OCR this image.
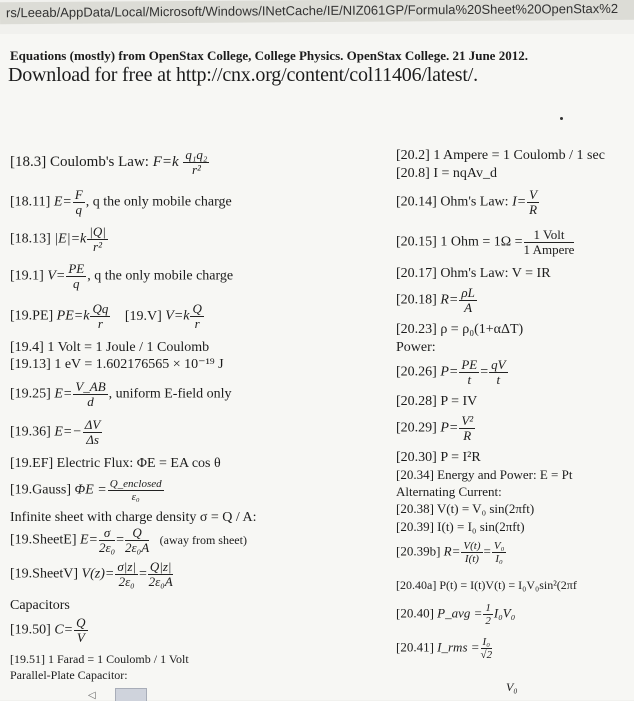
rs/Leeab/AppData/Local/Microsoft/Windows/INetCache/IE/NIZ061GP/Formula%20Sheet%20OpenStax%2
Equations (mostly) from OpenStax College, College Physics. OpenStax College. 21 June 2012.
Download for free at http://cnx.org/content/col11406/latest/.
[18.3] Coulomb's Law: $F=k \frac{\text{q₁q₂}}{\text{r²}}$
[18.11] $E= \frac{F}{q}$ , q the only mobile charge
[18.13] $|E|=k \frac{|Q|}{\text{r²}}$
[19.1] $V= \frac{PE}{q}$ , q the only mobile charge
[19.PE] $PE=k \frac{Qq}{r} [19.V]$ $V=k \frac{Q}{r}$
[19.4] 1 Volt = 1 Joule / 1 Coulomb
[19.13] 1 eV = 1.602176565 × 10⁻¹⁹ J
[19.25] $E= \frac{V\_AB}{d}$ , uniform E-field only
[19.36] $E=- \frac{\Delta V}{\Delta s}$
[19.EF] Electric Flux: ΦE = EA cos θ
[19.Gauss] $\Phi E = \frac{\text{Q\_enclosed}}{\text{ε₀}}$
Infinite sheet with charge density σ = Q / A:
[19.SheetE] $E= \frac{\sigma}{\text{2ε₀}} = \frac{Q}{\text{2ε₀A}}$ (away from sheet)
[19.SheetV] $V(z)= \frac{\sigma|z|}{\text{2ε₀}} = \frac{Q|z|}{\text{2ε₀A}}$
Capacitors
[19.50] $C= \frac{Q}{V}$
[19.51] 1 Farad = 1 Coulomb / 1 Volt
Parallel-Plate Capacitor:
[20.2] 1 Ampere = 1 Coulomb / 1 sec
[20.8] I = nqAv_d
[20.14] Ohm's Law: $I= \frac{V}{R}$
[20.15] 1 Ohm = $1\Omega = \frac{\text{1 Volt}}{\text{1 Ampere}}$
[20.17] Ohm's Law: V = IR
[20.18] $R= \frac{\rho L}{A}$
[20.23] ρ = ρ₀(1+αΔT)
Power:
[20.26] $P= \frac{PE}{t} = \frac{qV}{t}$
[20.28] P = IV
[20.29] $P= \frac{\text{V²}}{R}$
[20.30] P = I²R
[20.34] Energy and Power: E = Pt
Alternating Current:
[20.38] V(t) = V₀ sin(2πft)
[20.39] I(t) = I₀ sin(2πft)
[20.39b] $R= \frac{V(t)}{I(t)} = \frac{\text{V₀}}{\text{I₀}}$
[20.40a] P(t) = I(t)V(t) = I₀V₀sin²(2πf
[20.40] P_avg = $\frac{1}{2} I_0V_0$
[20.41] I_rms = $\frac{\text{I₀}}{√2}$
V₀
◁
